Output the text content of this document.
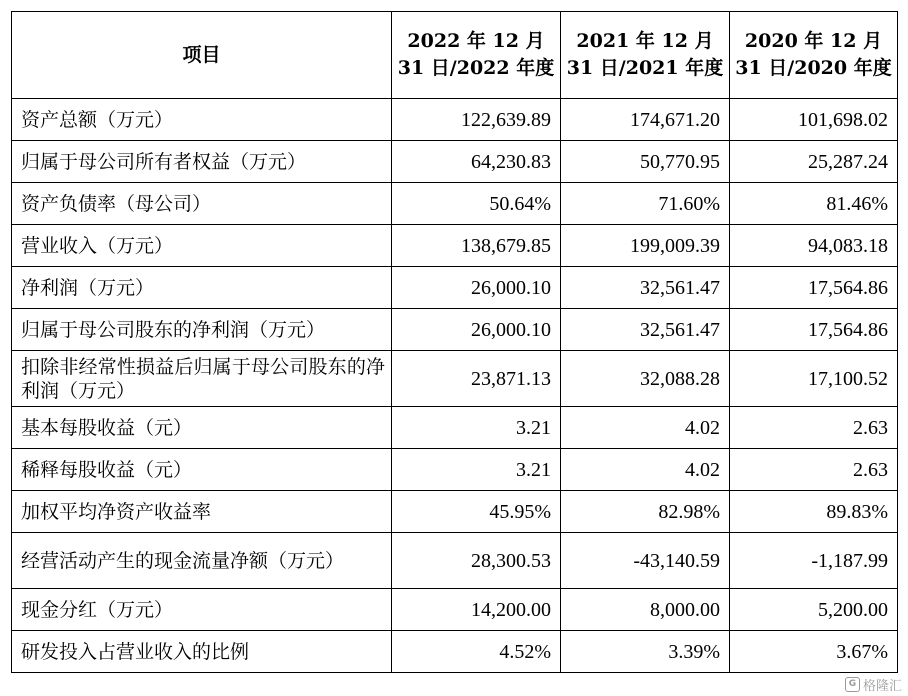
项目	2022 年 12 月 31 日/2022 年度	2021 年 12 月 31 日/2021 年度	2020 年 12 月 31 日/2020 年度
资产总额（万元）	122,639.89	174,671.20	101,698.02
归属于母公司所有者权益（万元）	64,230.83	50,770.95	25,287.24
资产负债率（母公司）	50.64%	71.60%	81.46%
营业收入（万元）	138,679.85	199,009.39	94,083.18
净利润（万元）	26,000.10	32,561.47	17,564.86
归属于母公司股东的净利润（万元）	26,000.10	32,561.47	17,564.86
扣除非经常性损益后归属于母公司股东的净利润（万元）	23,871.13	32,088.28	17,100.52
基本每股收益（元）	3.21	4.02	2.63
稀释每股收益（元）	3.21	4.02	2.63
加权平均净资产收益率	45.95%	82.98%	89.83%
经营活动产生的现金流量净额（万元）	28,300.53	-43,140.59	-1,187.99
现金分红（万元）	14,200.00	8,000.00	5,200.00
研发投入占营业收入的比例	4.52%	3.39%	3.67%
G 格隆汇
